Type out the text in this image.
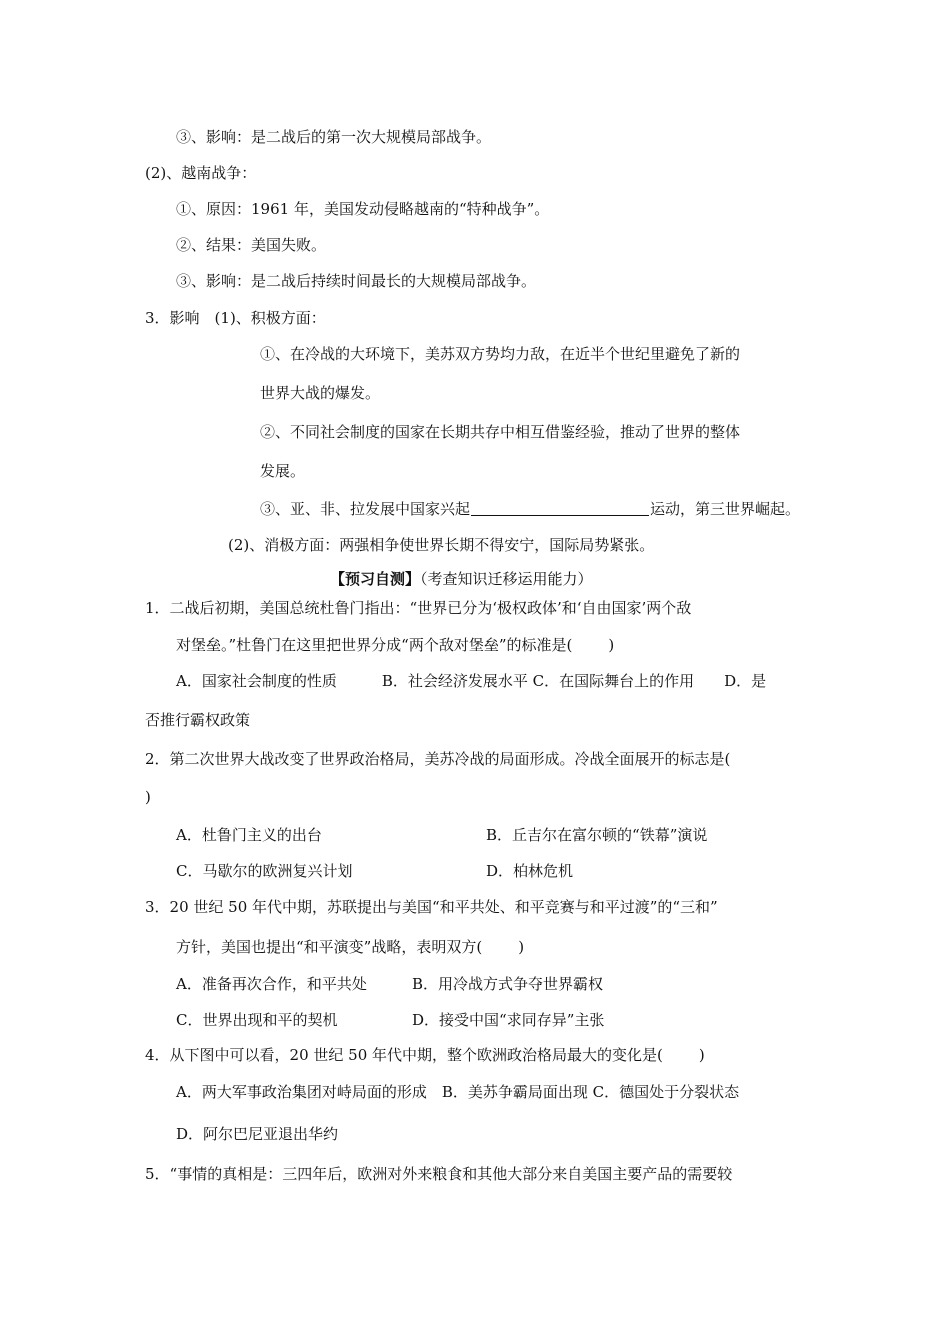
③、影响：是二战后的第一次大规模局部战争。
(2)、越南战争：
①、原因：1961 年，美国发动侵略越南的“特种战争”。
②、结果：美国失败。
③、影响：是二战后持续时间最长的大规模局部战争。
3．影响　(1)、积极方面：
①、在冷战的大环境下，美苏双方势均力敌，在近半个世纪里避免了新的
世界大战的爆发。
②、不同社会制度的国家在长期共存中相互借鉴经验，推动了世界的整体
发展。
③、亚、非、拉发展中国家兴起	运动，第三世界崛起。
(2)、消极方面：两强相争使世界长期不得安宁，国际局势紧张。
【预习自测】（考查知识迁移运用能力）
1．二战后初期，美国总统杜鲁门指出：“世界已分为‘极权政体’和‘自由国家’两个敌
对堡垒。”杜鲁门在这里把世界分成“两个敌对堡垒”的标准是( )
A．国家社会制度的性质　　　B．社会经济发展水平 C．在国际舞台上的作用　　D．是
否推行霸权政策
2．第二次世界大战改变了世界政治格局，美苏冷战的局面形成。冷战全面展开的标志是(
)
A．杜鲁门主义的出台	B．丘吉尔在富尔顿的“铁幕”演说
C．马歇尔的欧洲复兴计划	D．柏林危机
3．20 世纪 50 年代中期，苏联提出与美国“和平共处、和平竞赛与和平过渡”的“三和”
方针，美国也提出“和平演变”战略，表明双方( )
A．准备再次合作，和平共处	B．用冷战方式争夺世界霸权
C．世界出现和平的契机	D．接受中国“求同存异”主张
4．从下图中可以看，20 世纪 50 年代中期，整个欧洲政治格局最大的变化是( )
A．两大军事政治集团对峙局面的形成　B．美苏争霸局面出现 C．德国处于分裂状态
D．阿尔巴尼亚退出华约
5．“事情的真相是：三四年后，欧洲对外来粮食和其他大部分来自美国主要产品的需要较
